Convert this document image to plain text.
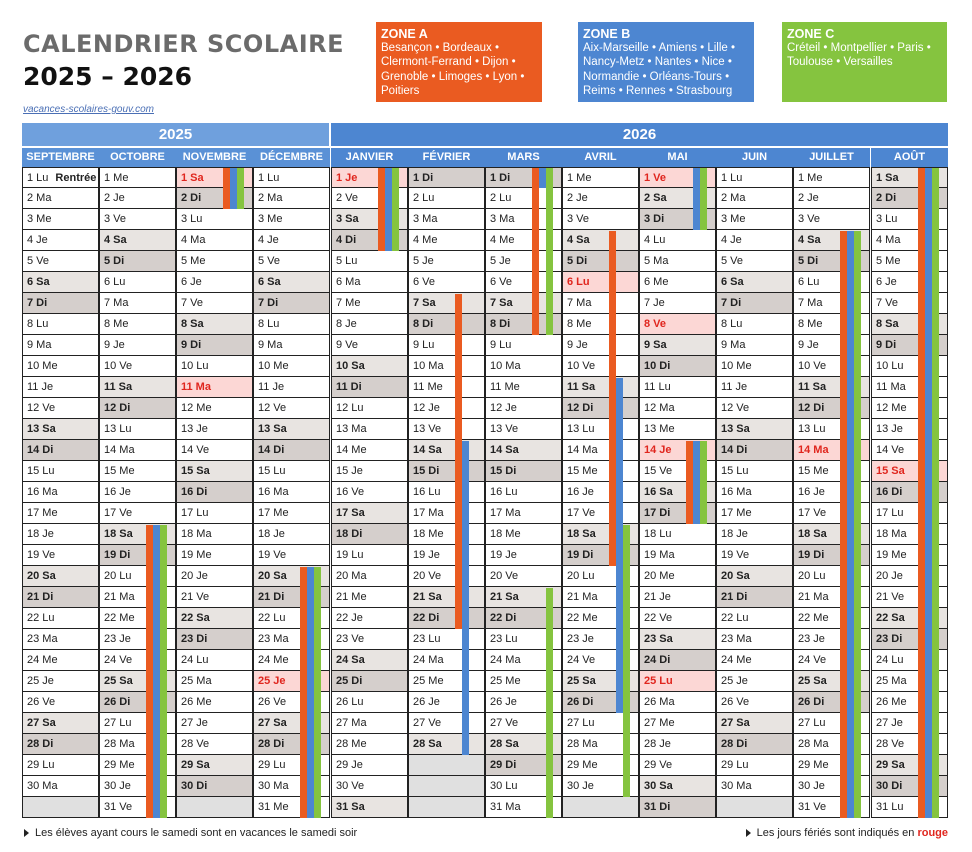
CALENDRIER SCOLAIRE
2025 – 2026
vacances-scolaires-gouv.com
ZONE A
Besançon • Bordeaux • Clermont-Ferrand • Dijon • Grenoble • Limoges • Lyon • Poitiers
ZONE B
Aix-Marseille • Amiens • Lille • Nancy-Metz • Nantes • Nice • Normandie • Orléans-Tours • Reims • Rennes • Strasbourg
ZONE C
Créteil • Montpellier • Paris • Toulouse • Versailles
2025	2026
SEPTEMBRE
1 Lu Rentrée
2 Ma
3 Me
4 Je
5 Ve
6 Sa
7 Di
8 Lu
9 Ma
10 Me
11 Je
12 Ve
13 Sa
14 Di
15 Lu
16 Ma
17 Me
18 Je
19 Ve
20 Sa
21 Di
22 Lu
23 Ma
24 Me
25 Je
26 Ve
27 Sa
28 Di
29 Lu
30 Ma
OCTOBRE
1 Me
2 Je
3 Ve
4 Sa
5 Di
6 Lu
7 Ma
8 Me
9 Je
10 Ve
11 Sa
12 Di
13 Lu
14 Ma
15 Me
16 Je
17 Ve
18 Sa
19 Di
20 Lu
21 Ma
22 Me
23 Je
24 Ve
25 Sa
26 Di
27 Lu
28 Ma
29 Me
30 Je
31 Ve
NOVEMBRE
1 Sa
2 Di
3 Lu
4 Ma
5 Me
6 Je
7 Ve
8 Sa
9 Di
10 Lu
11 Ma
12 Me
13 Je
14 Ve
15 Sa
16 Di
17 Lu
18 Ma
19 Me
20 Je
21 Ve
22 Sa
23 Di
24 Lu
25 Ma
26 Me
27 Je
28 Ve
29 Sa
30 Di
DÉCEMBRE
1 Lu
2 Ma
3 Me
4 Je
5 Ve
6 Sa
7 Di
8 Lu
9 Ma
10 Me
11 Je
12 Ve
13 Sa
14 Di
15 Lu
16 Ma
17 Me
18 Je
19 Ve
20 Sa
21 Di
22 Lu
23 Ma
24 Me
25 Je
26 Ve
27 Sa
28 Di
29 Lu
30 Ma
31 Me
JANVIER
1 Je
2 Ve
3 Sa
4 Di
5 Lu
6 Ma
7 Me
8 Je
9 Ve
10 Sa
11 Di
12 Lu
13 Ma
14 Me
15 Je
16 Ve
17 Sa
18 Di
19 Lu
20 Ma
21 Me
22 Je
23 Ve
24 Sa
25 Di
26 Lu
27 Ma
28 Me
29 Je
30 Ve
31 Sa
FÉVRIER
1 Di
2 Lu
3 Ma
4 Me
5 Je
6 Ve
7 Sa
8 Di
9 Lu
10 Ma
11 Me
12 Je
13 Ve
14 Sa
15 Di
16 Lu
17 Ma
18 Me
19 Je
20 Ve
21 Sa
22 Di
23 Lu
24 Ma
25 Me
26 Je
27 Ve
28 Sa
MARS
1 Di
2 Lu
3 Ma
4 Me
5 Je
6 Ve
7 Sa
8 Di
9 Lu
10 Ma
11 Me
12 Je
13 Ve
14 Sa
15 Di
16 Lu
17 Ma
18 Me
19 Je
20 Ve
21 Sa
22 Di
23 Lu
24 Ma
25 Me
26 Je
27 Ve
28 Sa
29 Di
30 Lu
31 Ma
AVRIL
1 Me
2 Je
3 Ve
4 Sa
5 Di
6 Lu
7 Ma
8 Me
9 Je
10 Ve
11 Sa
12 Di
13 Lu
14 Ma
15 Me
16 Je
17 Ve
18 Sa
19 Di
20 Lu
21 Ma
22 Me
23 Je
24 Ve
25 Sa
26 Di
27 Lu
28 Ma
29 Me
30 Je
MAI
1 Ve
2 Sa
3 Di
4 Lu
5 Ma
6 Me
7 Je
8 Ve
9 Sa
10 Di
11 Lu
12 Ma
13 Me
14 Je
15 Ve
16 Sa
17 Di
18 Lu
19 Ma
20 Me
21 Je
22 Ve
23 Sa
24 Di
25 Lu
26 Ma
27 Me
28 Je
29 Ve
30 Sa
31 Di
JUIN
1 Lu
2 Ma
3 Me
4 Je
5 Ve
6 Sa
7 Di
8 Lu
9 Ma
10 Me
11 Je
12 Ve
13 Sa
14 Di
15 Lu
16 Ma
17 Me
18 Je
19 Ve
20 Sa
21 Di
22 Lu
23 Ma
24 Me
25 Je
26 Ve
27 Sa
28 Di
29 Lu
30 Ma
JUILLET
1 Me
2 Je
3 Ve
4 Sa
5 Di
6 Lu
7 Ma
8 Me
9 Je
10 Ve
11 Sa
12 Di
13 Lu
14 Ma
15 Me
16 Je
17 Ve
18 Sa
19 Di
20 Lu
21 Ma
22 Me
23 Je
24 Ve
25 Sa
26 Di
27 Lu
28 Ma
29 Me
30 Je
31 Ve
AOÛT
1 Sa
2 Di
3 Lu
4 Ma
5 Me
6 Je
7 Ve
8 Sa
9 Di
10 Lu
11 Ma
12 Me
13 Je
14 Ve
15 Sa
16 Di
17 Lu
18 Ma
19 Me
20 Je
21 Ve
22 Sa
23 Di
24 Lu
25 Ma
26 Me
27 Je
28 Ve
29 Sa
30 Di
31 Lu
Les élèves ayant cours le samedi sont en vacances le samedi soir	Les jours fériés sont indiqués en rouge
